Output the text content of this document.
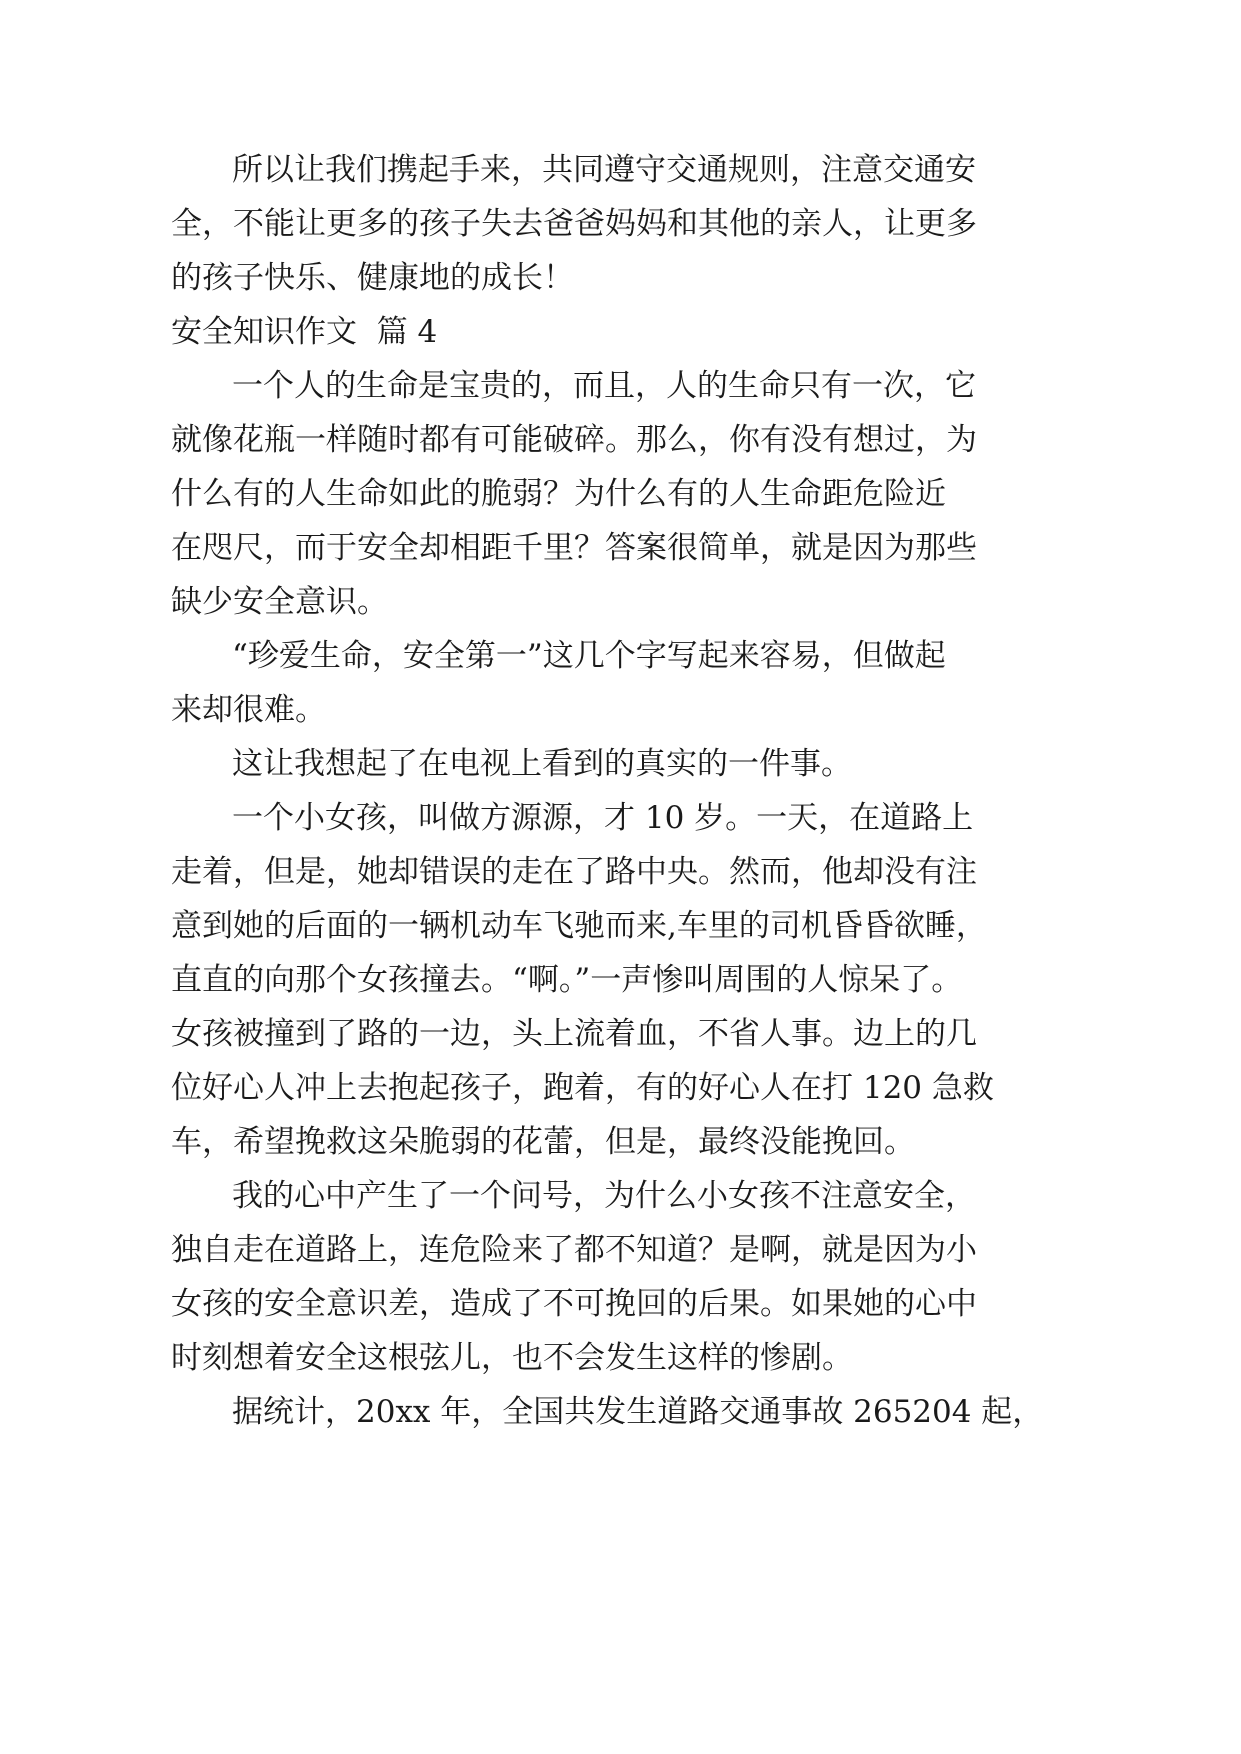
所以让我们携起手来，共同遵守交通规则，注意交通安

全，不能让更多的孩子失去爸爸妈妈和其他的亲人，让更多

的孩子快乐、健康地的成长！

安全知识作文  篇 4

一个人的生命是宝贵的，而且，人的生命只有一次，它

就像花瓶一样随时都有可能破碎。那么，你有没有想过，为

什么有的人生命如此的脆弱？为什么有的人生命距危险近

在咫尺，而于安全却相距千里？答案很简单，就是因为那些

缺少安全意识。

“珍爱生命，安全第一”这几个字写起来容易，但做起

来却很难。

这让我想起了在电视上看到的真实的一件事。

一个小女孩，叫做方源源，才 10 岁。一天，在道路上

走着，但是，她却错误的走在了路中央。然而，他却没有注

意到她的后面的一辆机动车飞驰而来,车里的司机昏昏欲睡，

直直的向那个女孩撞去。“啊。”一声惨叫周围的人惊呆了。

女孩被撞到了路的一边，头上流着血，不省人事。边上的几

位好心人冲上去抱起孩子，跑着，有的好心人在打 120 急救

车，希望挽救这朵脆弱的花蕾，但是，最终没能挽回。

我的心中产生了一个问号，为什么小女孩不注意安全，

独自走在道路上，连危险来了都不知道？是啊，就是因为小

女孩的安全意识差，造成了不可挽回的后果。如果她的心中

时刻想着安全这根弦儿，也不会发生这样的惨剧。

据统计，20xx 年，全国共发生道路交通事故 265204 起，
